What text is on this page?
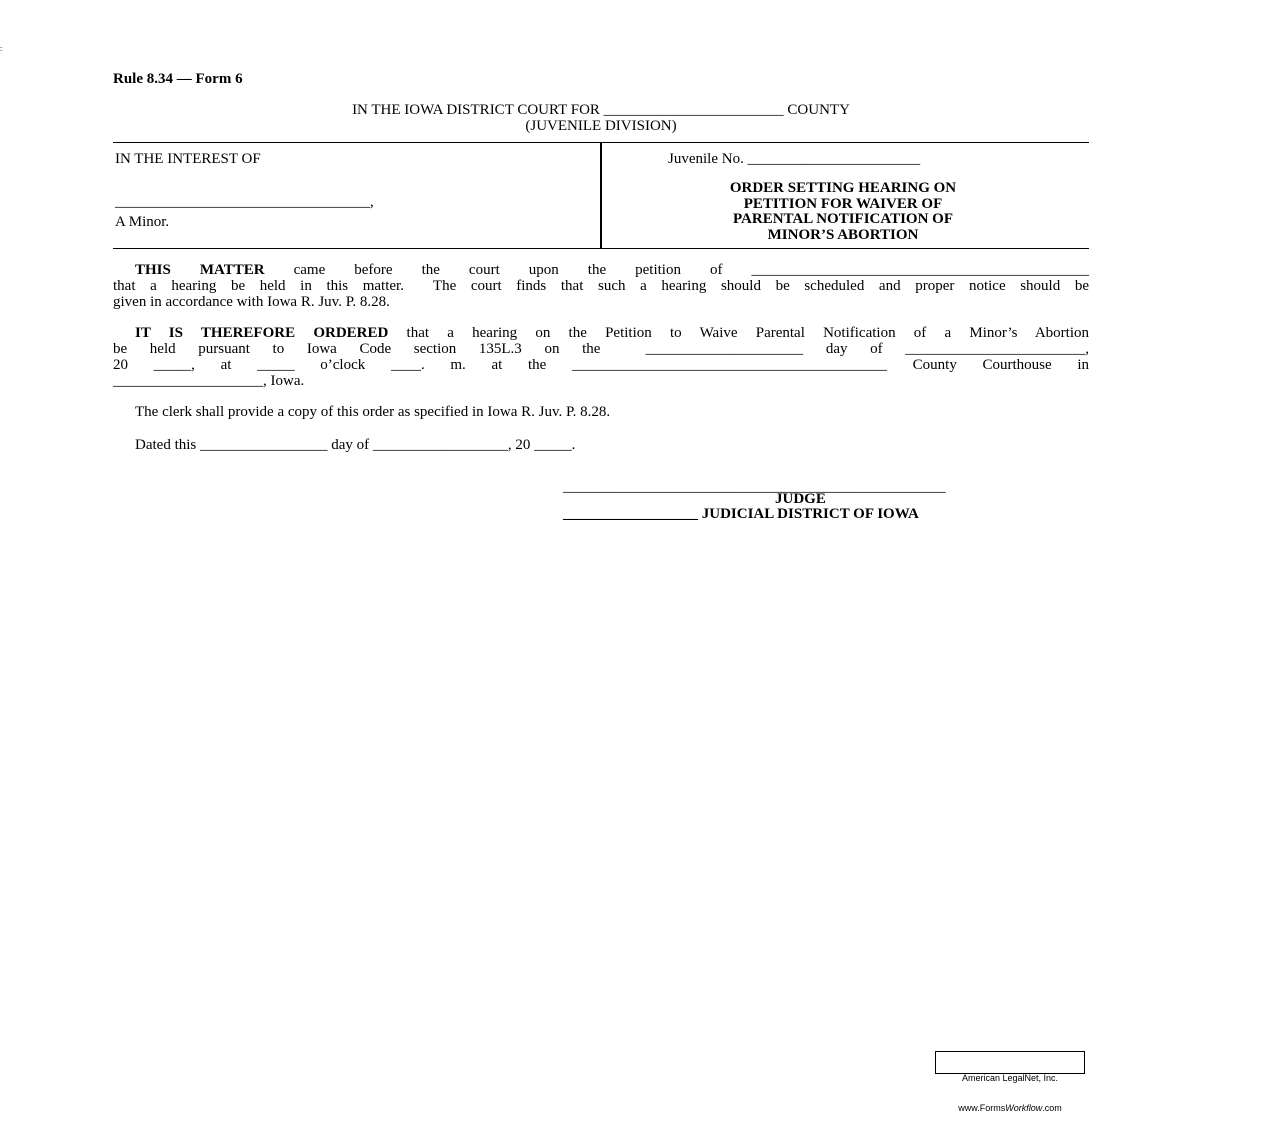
:
Rule 8.34 — Form 6
IN THE IOWA DISTRICT COURT FOR ________________________ COUNTY
(JUVENILE DIVISION)
IN THE INTEREST OF
__________________________________,
A Minor.
Juvenile No. _______________________
ORDER SETTING HEARING ON
PETITION FOR WAIVER OF
PARENTAL NOTIFICATION OF
MINOR’S ABORTION
THIS MATTER came before the court upon the petition of _____________________________________________
that a hearing be held in this matter.  The court finds that such a hearing should be scheduled and proper notice should be
given in accordance with Iowa R. Juv. P. 8.28.
IT IS THEREFORE ORDERED that a hearing on the Petition to Waive Parental Notification of a Minor’s Abortion
be held pursuant to Iowa Code section 135L.3 on the  _____________________ day of ________________________,
20 _____, at _____ o’clock ____. m. at the __________________________________________ County Courthouse in
____________________, Iowa.
The clerk shall provide a copy of this order as specified in Iowa R. Juv. P. 8.28.
Dated this _________________ day of __________________, 20 _____.
___________________________________________________
JUDGE
__________________ JUDICIAL DISTRICT OF IOWA

American LegalNet, Inc.

www.FormsWorkflow.com
